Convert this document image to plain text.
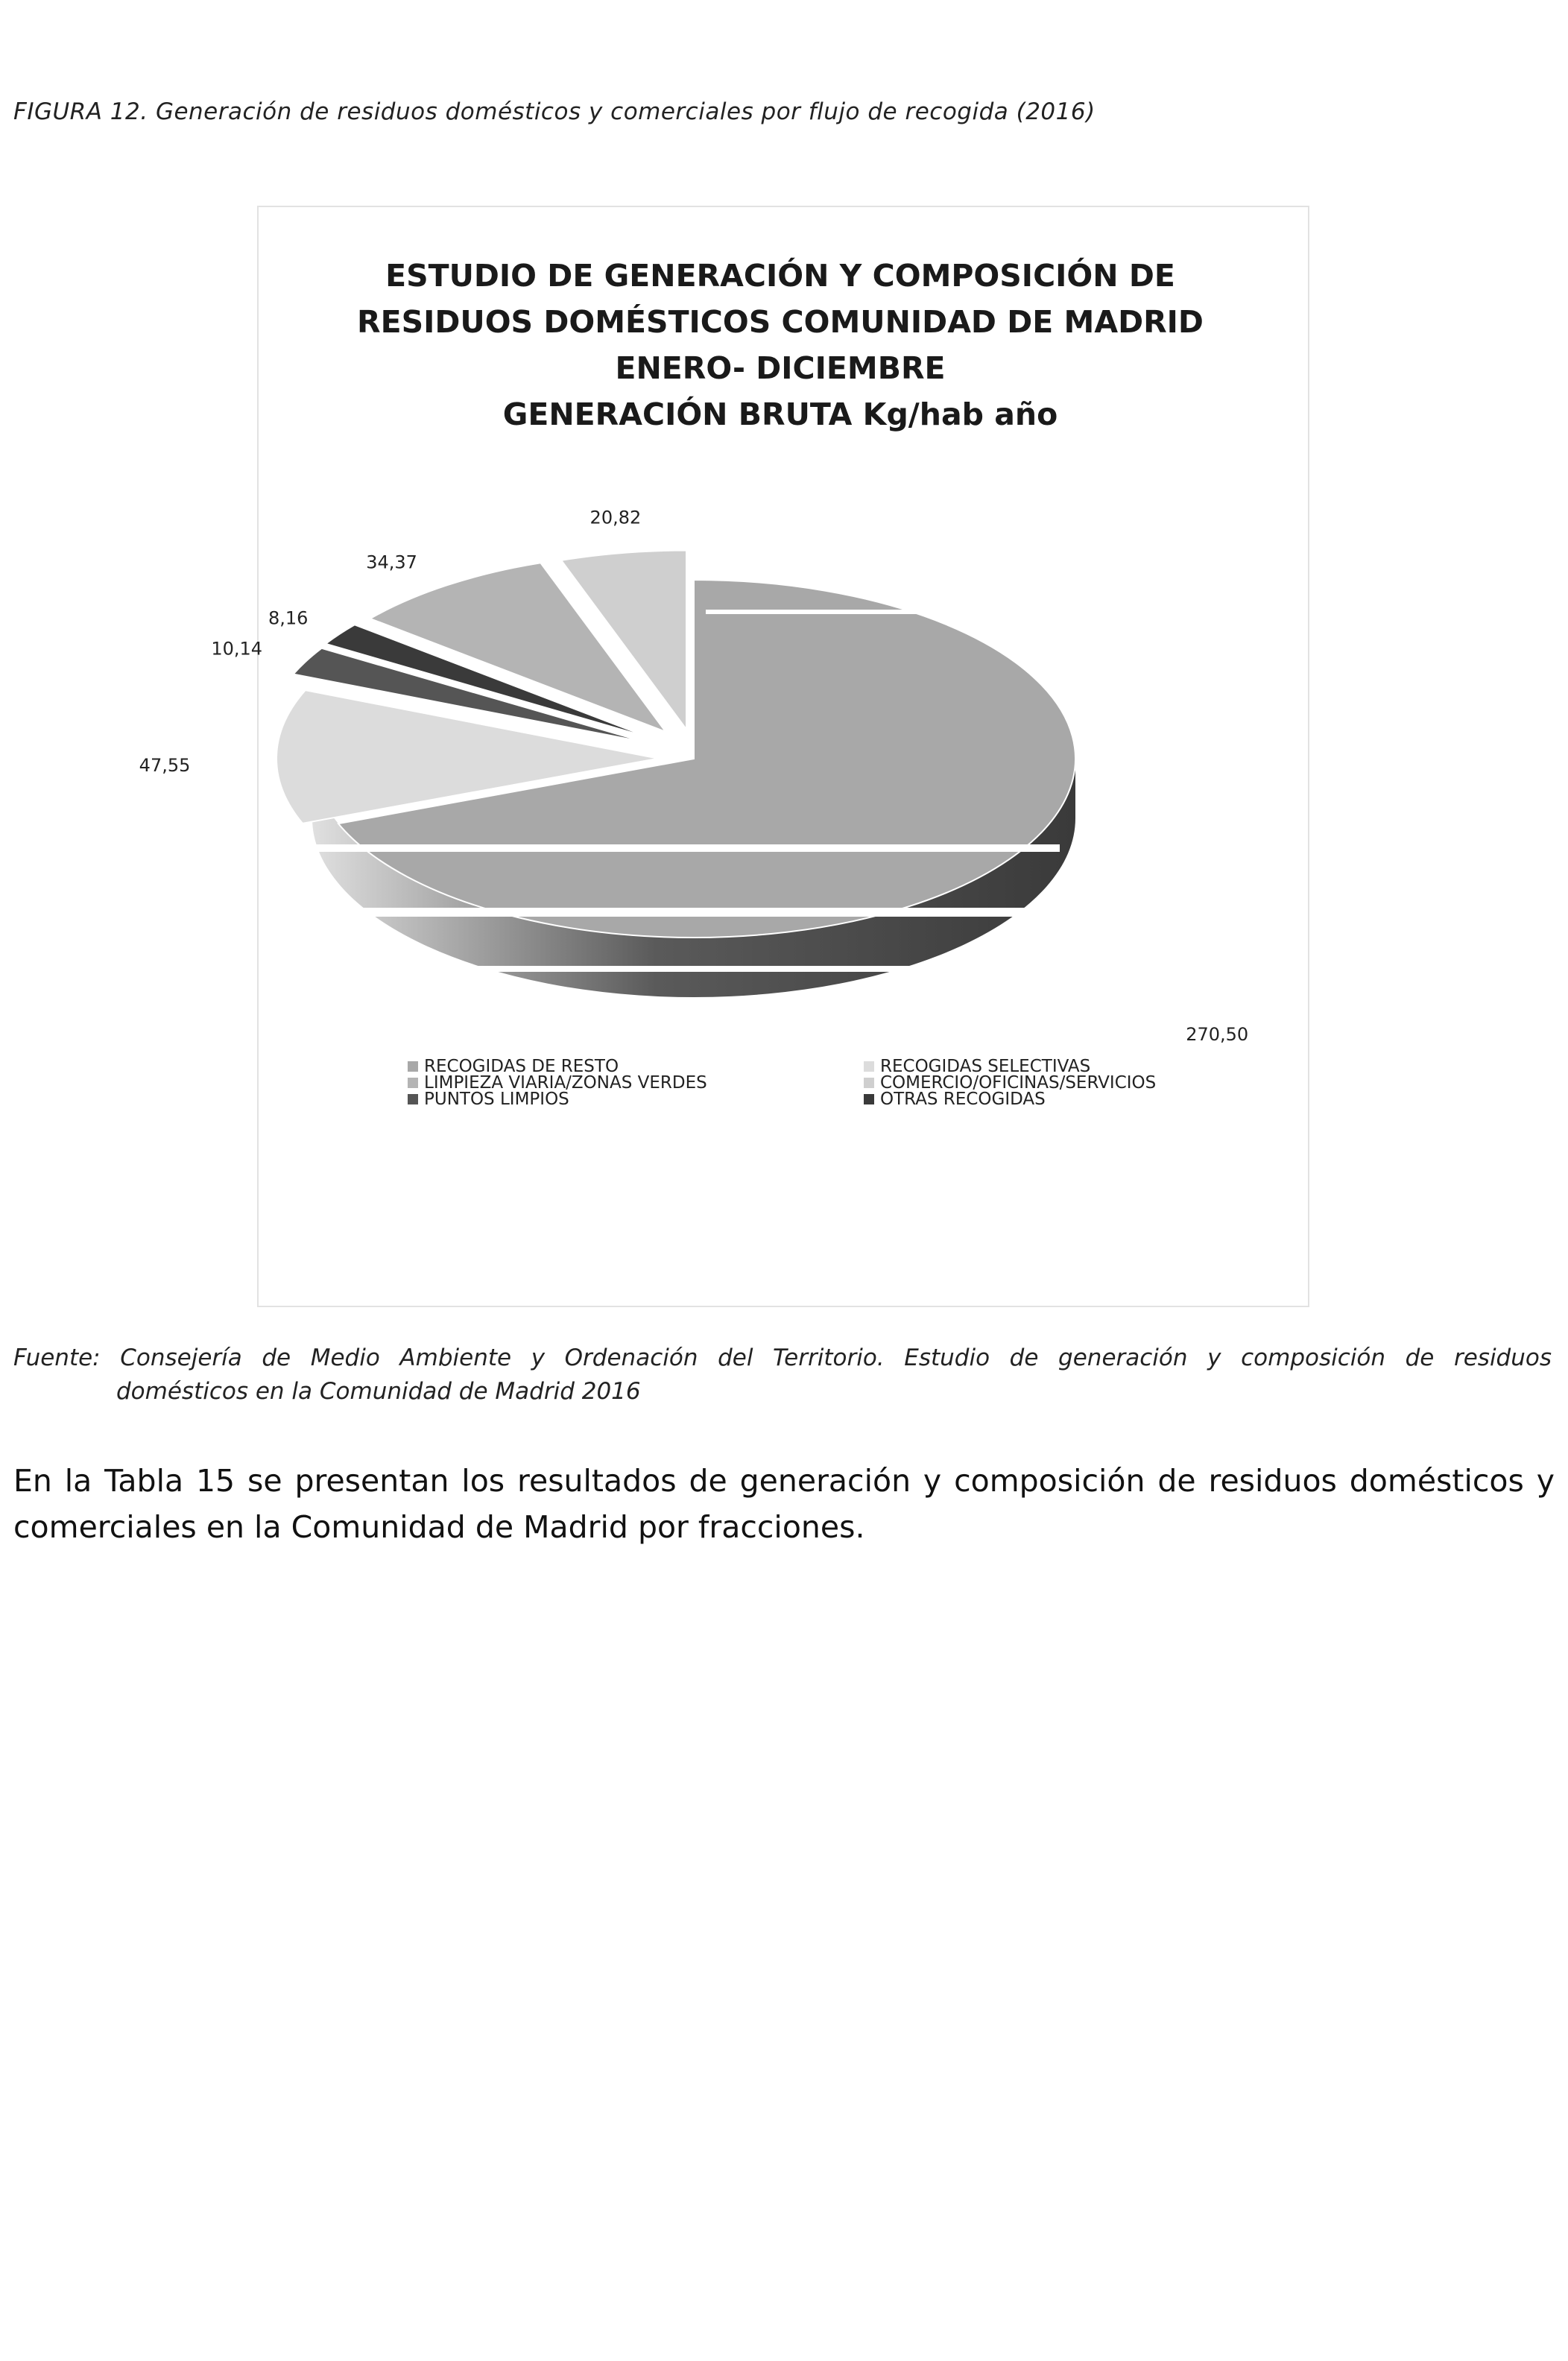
FIGURA 12. Generación de residuos domésticos y comerciales por flujo de recogida (2016)
ESTUDIO DE GENERACIÓN Y COMPOSICIÓN DE
RESIDUOS DOMÉSTICOS COMUNIDAD DE MADRID
ENERO- DICIEMBRE
GENERACIÓN BRUTA Kg/hab año
270,50
47,55
10,14
8,16
34,37
20,82
RECOGIDAS DE RESTO	RECOGIDAS SELECTIVAS
LIMPIEZA VIARIA/ZONAS VERDES	COMERCIO/OFICINAS/SERVICIOS
PUNTOS LIMPIOS	OTRAS RECOGIDAS
Fuente: Consejería de Medio Ambiente y Ordenación del Territorio. Estudio de generación y composición de residuos
domésticos en la Comunidad de Madrid 2016
En la Tabla 15 se presentan los resultados de generación y composición de residuos domésticos y comerciales en la Comunidad de Madrid por fracciones.
